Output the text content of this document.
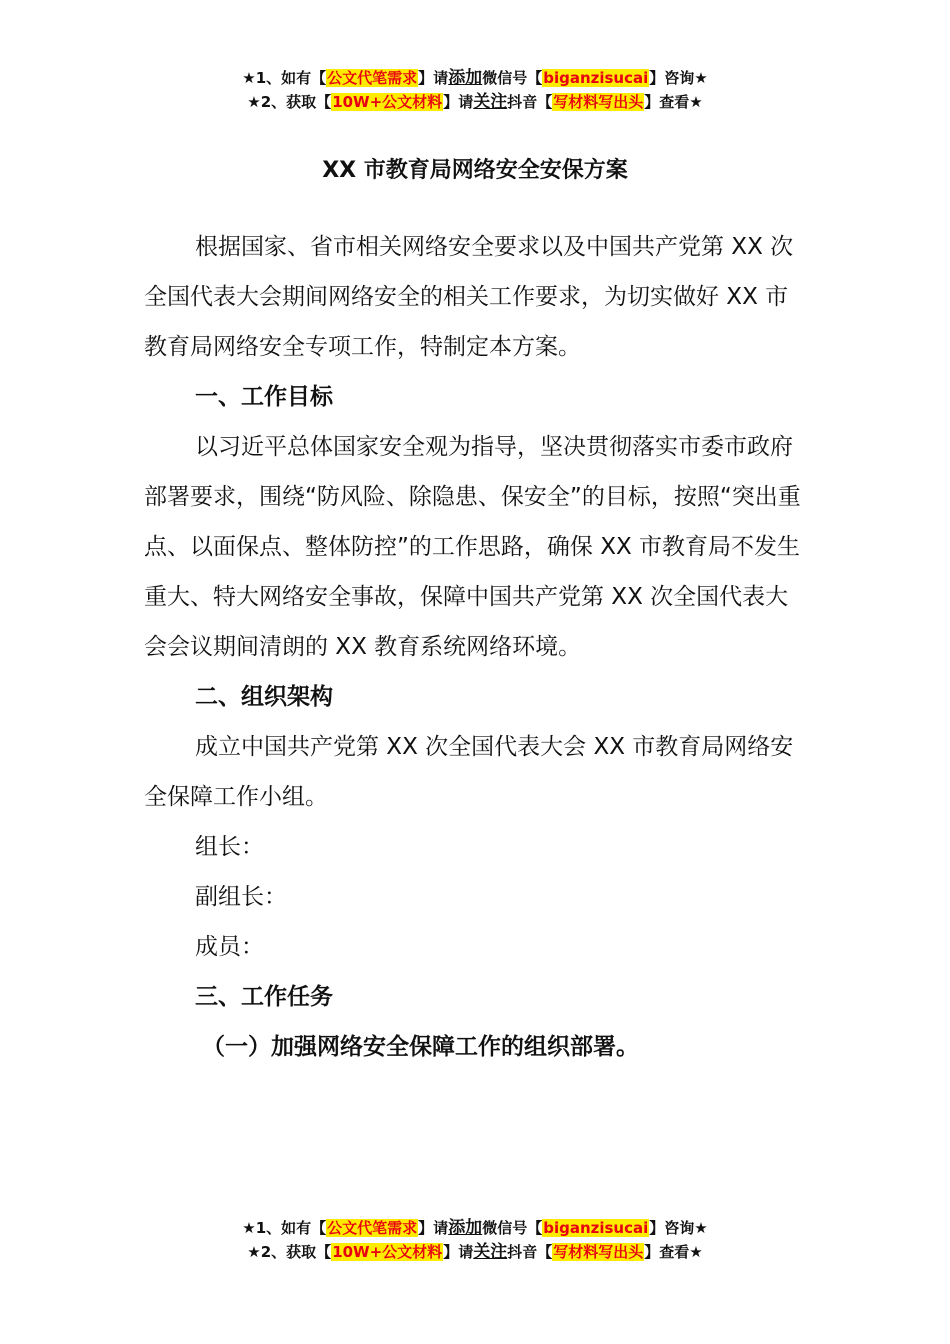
★1、如有【公文代笔需求】请添加微信号【biganzisucai】咨询★
★2、获取【10W+公文材料】请关注抖音【写材料写出头】查看★
XX 市教育局网络安全安保方案

根据国家、省市相关网络安全要求以及中国共产党第 XX 次全国代表大会期间网络安全的相关工作要求，为切实做好 XX 市教育局网络安全专项工作，特制定本方案。

一、工作目标

以习近平总体国家安全观为指导，坚决贯彻落实市委市政府部署要求，围绕“防风险、除隐患、保安全”的目标，按照“突出重点、以面保点、整体防控”的工作思路，确保 XX 市教育局不发生重大、特大网络安全事故，保障中国共产党第 XX 次全国代表大会会议期间清朗的 XX 教育系统网络环境。

二、组织架构

成立中国共产党第 XX 次全国代表大会 XX 市教育局网络安全保障工作小组。

组长：

副组长：

成员：

三、工作任务

（一）加强网络安全保障工作的组织部署。

★1、如有【公文代笔需求】请添加微信号【biganzisucai】咨询★
★2、获取【10W+公文材料】请关注抖音【写材料写出头】查看★
